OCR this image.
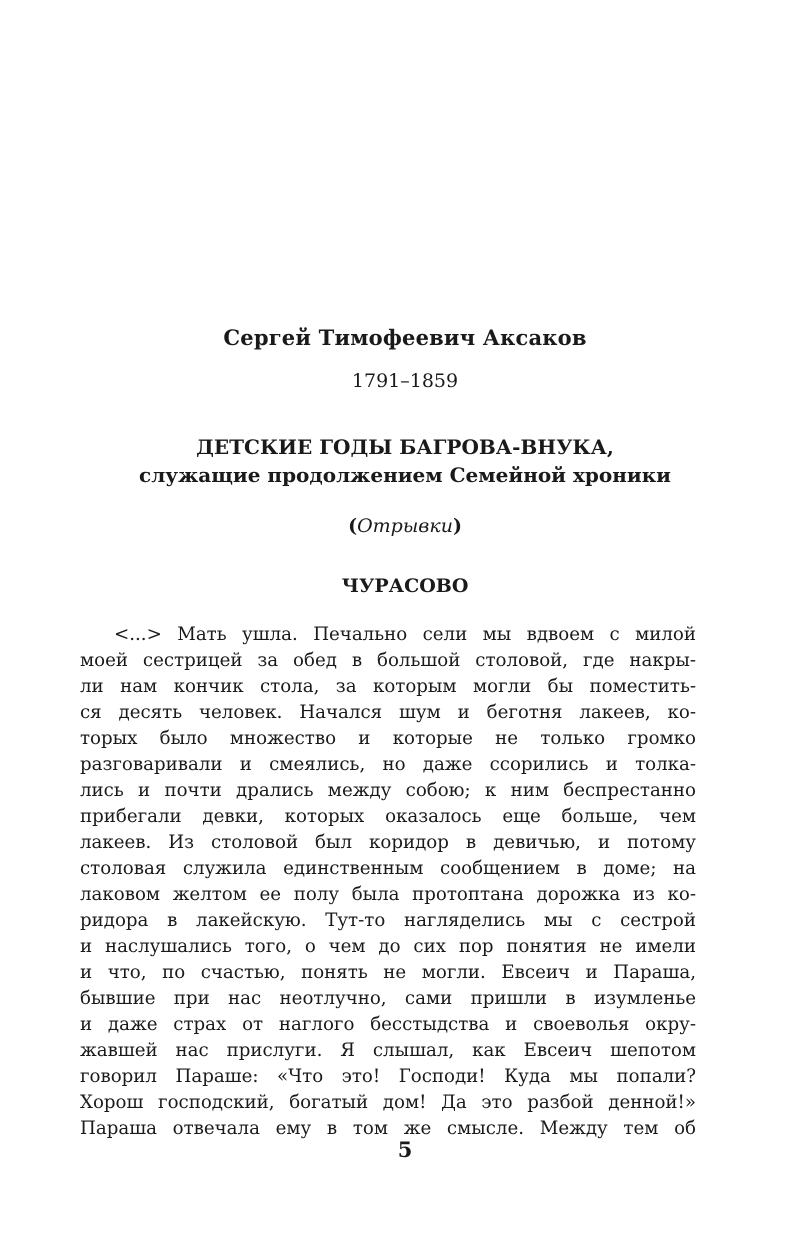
Сергей Тимофеевич Аксаков
1791–1859
ДЕТСКИЕ ГОДЫ БАГРОВА-ВНУКА,
служащие продолжением Семейной хроники
(Отрывки)
ЧУРАСОВО
<...> Мать ушла. Печально сели мы вдвоем с милой
моей сестрицей за обед в большой столовой, где накры-
ли нам кончик стола, за которым могли бы поместить-
ся десять человек. Начался шум и беготня лакеев, ко-
торых было множество и которые не только громко
разговаривали и смеялись, но даже ссорились и толка-
лись и почти дрались между собою; к ним беспрестанно
прибегали девки, которых оказалось еще больше, чем
лакеев. Из столовой был коридор в девичью, и потому
столовая служила единственным сообщением в доме; на
лаковом желтом ее полу была протоптана дорожка из ко-
ридора в лакейскую. Тут-то нагляделись мы с сестрой
и наслушались того, о чем до сих пор понятия не имели
и что, по счастью, понять не могли. Евсеич и Параша,
бывшие при нас неотлучно, сами пришли в изумленье
и даже страх от наглого бесстыдства и своеволья окру-
жавшей нас прислуги. Я слышал, как Евсеич шепотом
говорил Параше: «Что это! Господи! Куда мы попали?
Хорош господский, богатый дом! Да это разбой денной!»
Параша отвечала ему в том же смысле. Между тем об
5
